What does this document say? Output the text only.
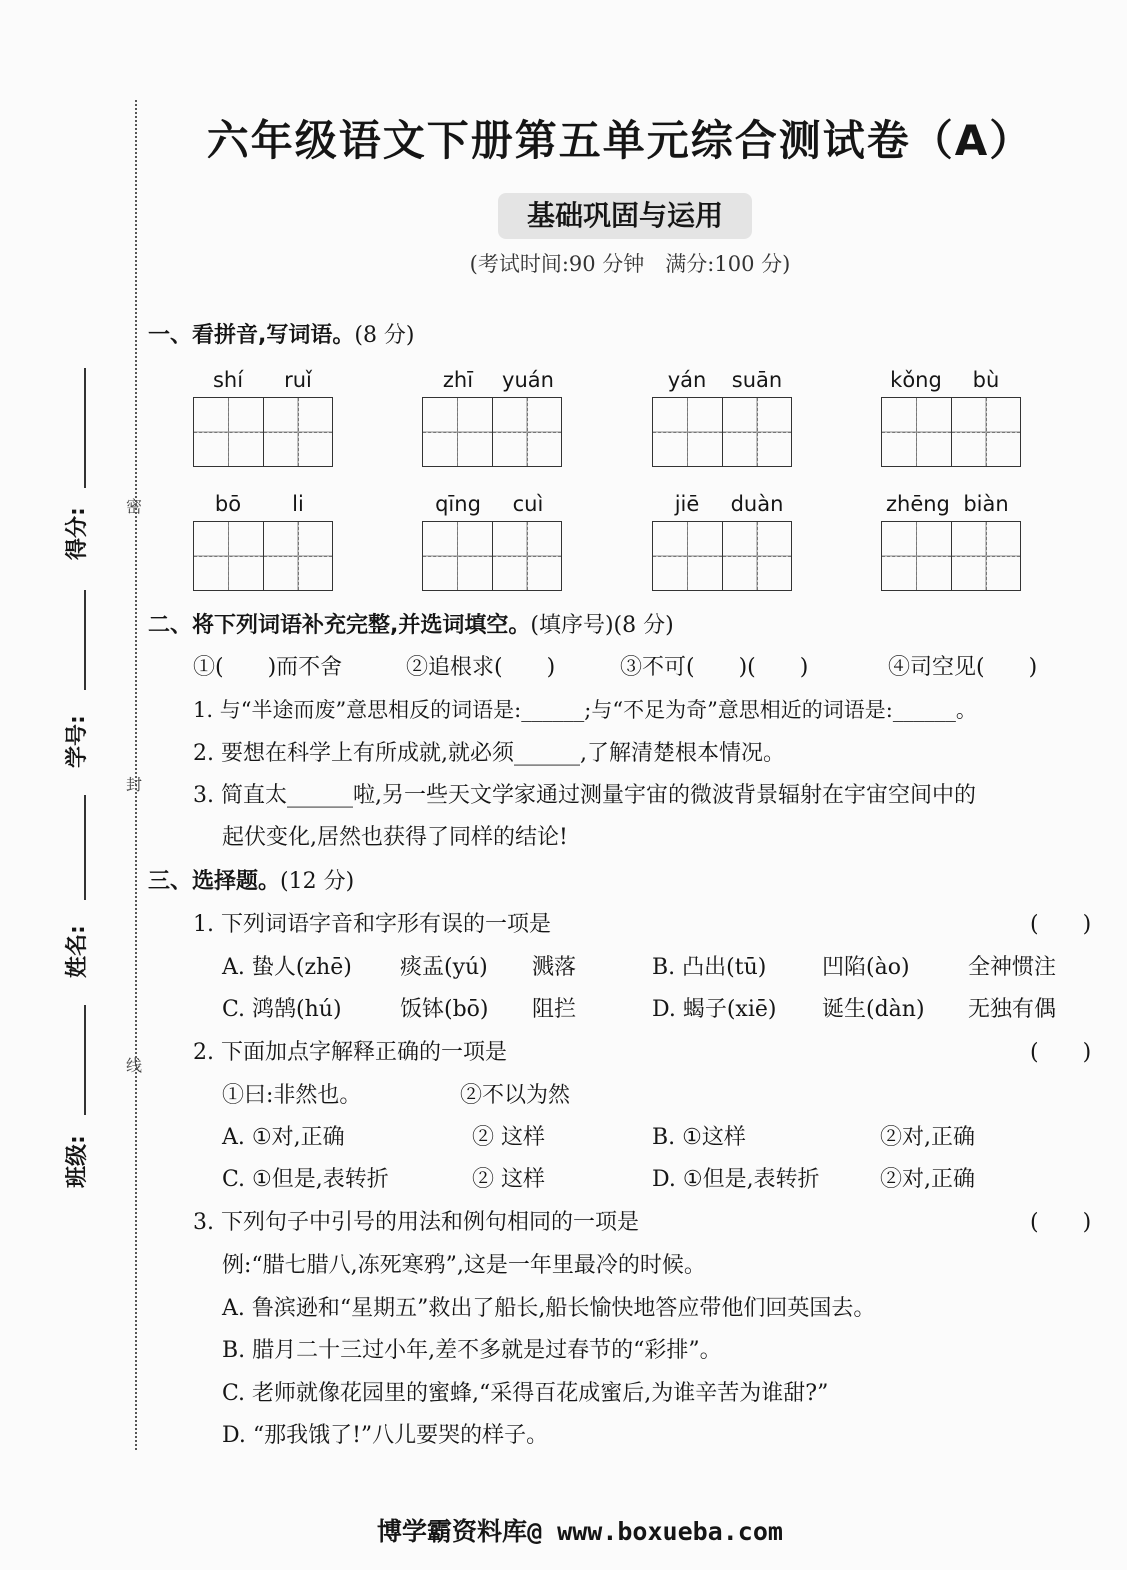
六年级语文下册第五单元综合测试卷（A）
基础巩固与运用
(考试时间:90 分钟　满分:100 分)
密
封
线
得分:
学号:
姓名:
班级:
一、看拼音,写词语。(8 分)
shí	ruǐ	zhī	yuán	yán	suān	kǒng	bù
bō	li	qīng	cuì	jiē	duàn	zhēng biàn
二、将下列词语补充完整,并选词填空。(填序号)(8 分)
①(　　)而不舍	②追根求(　　)	③不可(　　)(　　)	④司空见(　　)
1. 与“半途而废”意思相反的词语是:______;与“不足为奇”意思相近的词语是:______。
2. 要想在科学上有所成就,就必须______,了解清楚根本情况。
3. 简直太______啦,另一些天文学家通过测量宇宙的微波背景辐射在宇宙空间中的
起伏变化,居然也获得了同样的结论!
三、选择题。(12 分)
1. 下列词语字音和字形有误的一项是	(　　)
A. 蛰人(zhē) 痰盂(yú) 溅落	B. 凸出(tū)	凹陷(ào)	全神惯注
C. 鸿鹄(hú)	饭钵(bō) 阻拦	D. 蝎子(xiē) 诞生(dàn) 无独有偶
2. 下面加点字解释正确的一项是	(　　)
①曰:非然也。	②不以为然
A. ①对,正确	② 这样	B. ①这样	②对,正确
C. ①但是,表转折	② 这样	D. ①但是,表转折	②对,正确
3. 下列句子中引号的用法和例句相同的一项是	(　　)
例:“腊七腊八,冻死寒鸦”,这是一年里最冷的时候。
A. 鲁滨逊和“星期五”救出了船长,船长愉快地答应带他们回英国去。
B. 腊月二十三过小年,差不多就是过春节的“彩排”。
C. 老师就像花园里的蜜蜂,“采得百花成蜜后,为谁辛苦为谁甜?”
D. “那我饿了!”八儿要哭的样子。
博学霸资料库@ www.boxueba.com
